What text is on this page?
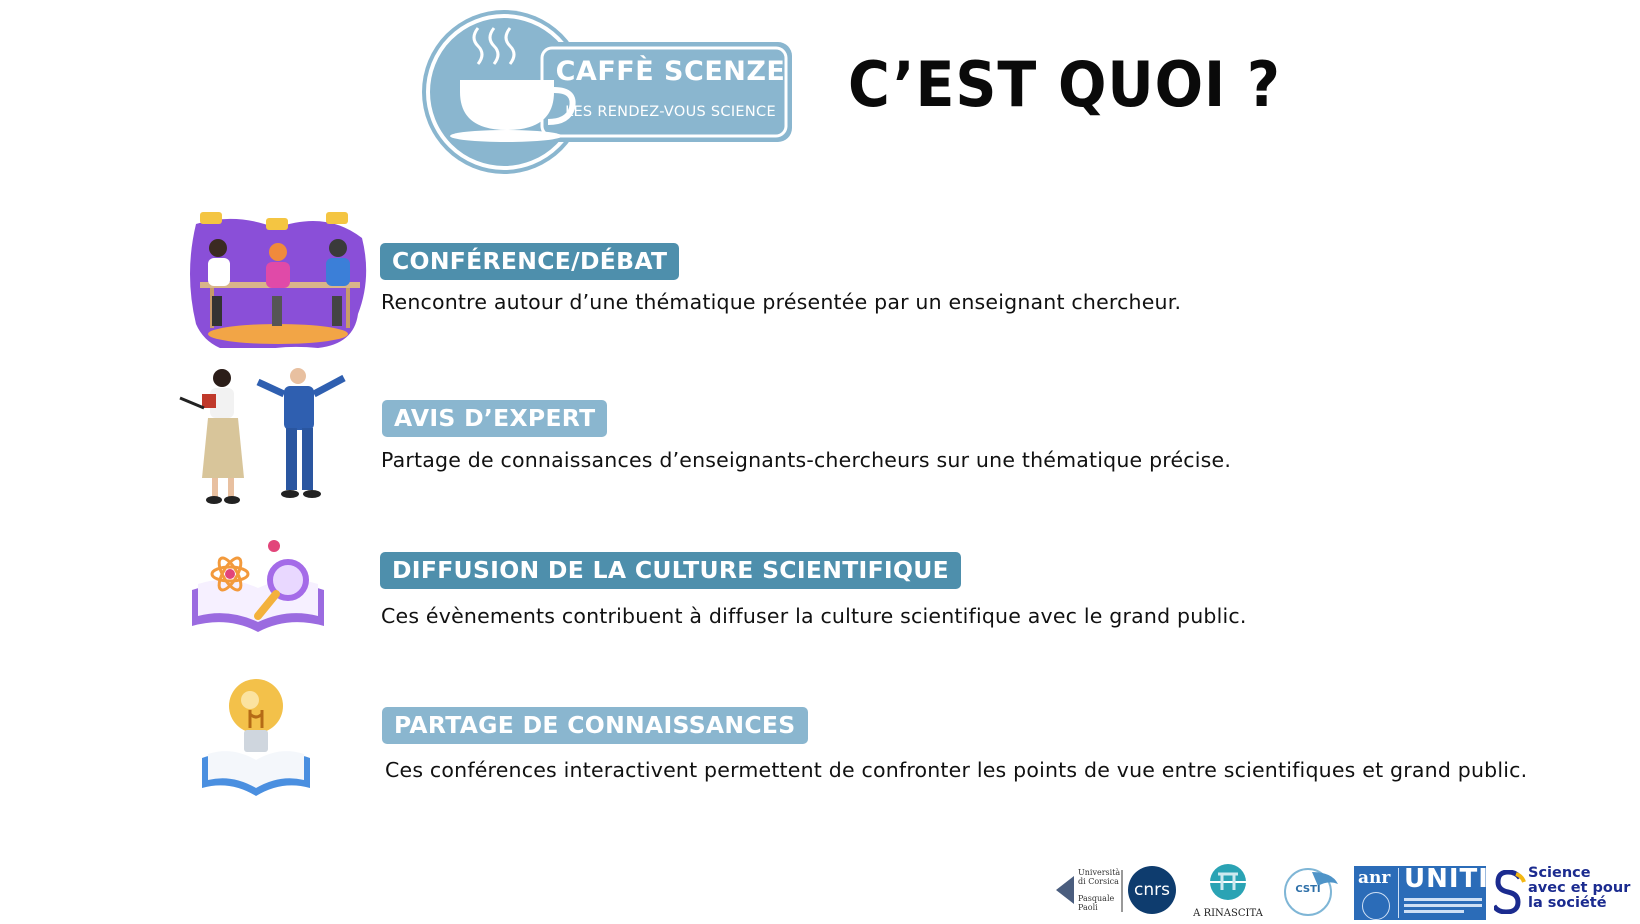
CAFFÈ SCENZE
LES RENDEZ-VOUS SCIENCE C’EST QUOI ?
CONFÉRENCE/DÉBAT
Rencontre autour d’une thématique présentée par un enseignant chercheur.
AVIS D’EXPERT
Partage de connaissances d’enseignants-chercheurs sur une thématique précise.
DIFFUSION DE LA CULTURE SCIENTIFIQUE
Ces évènements contribuent à diffuser la culture scientifique avec le grand public.
PARTAGE DE CONNAISSANCES
Ces conférences interactivent permettent de confronter les points de vue entre scientifiques et grand public.
Università
di Corsica
Pasquale
Paoli
cnrs
A RINASCITA
CSTI
anr UNITI	Science
avec et pour
la société
